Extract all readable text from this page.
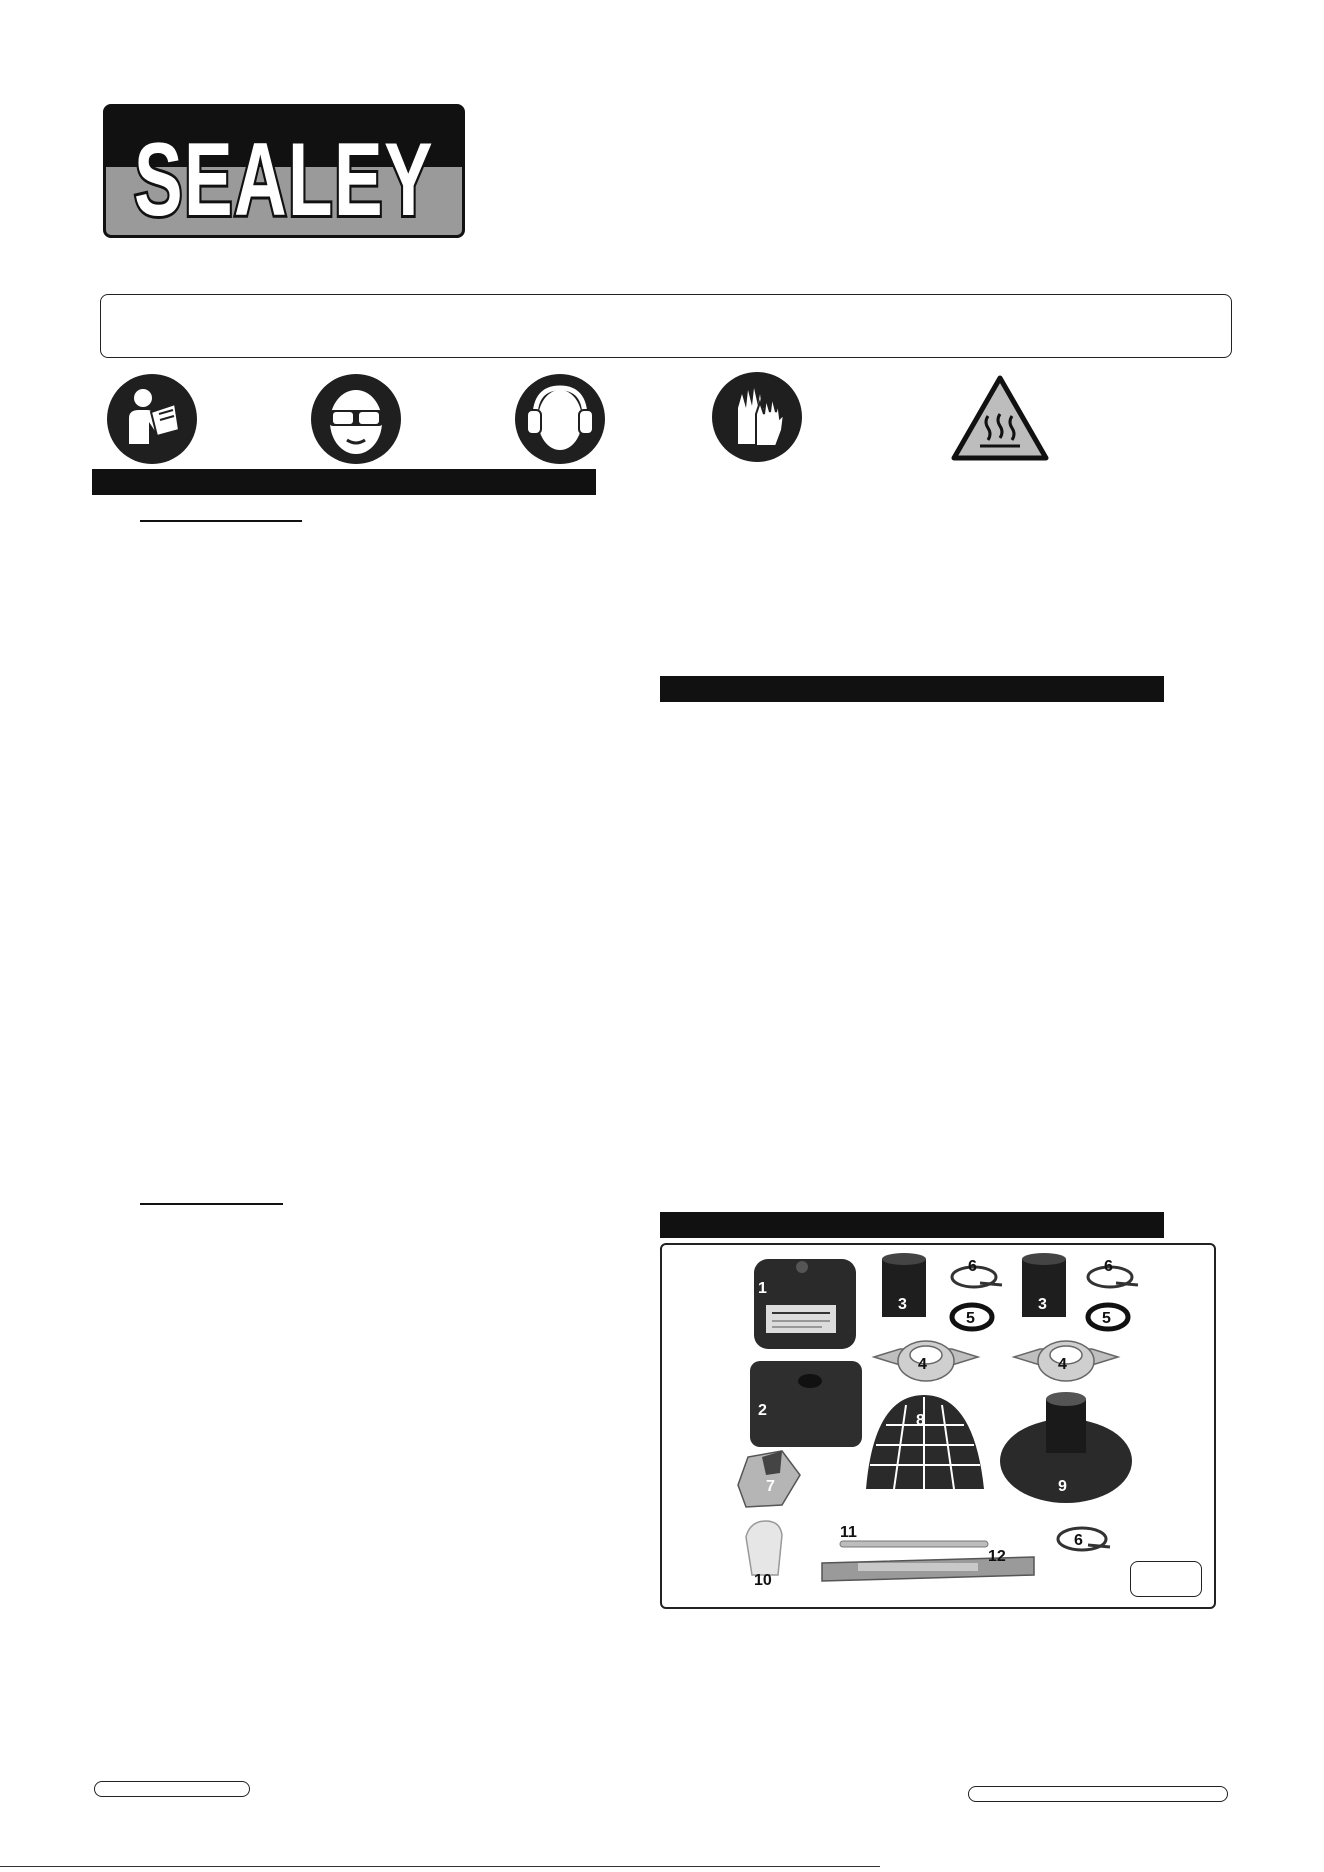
SEALEY
1
2
3	3
4	4
5	5
6	6
6
7
8
9
10
11
12
